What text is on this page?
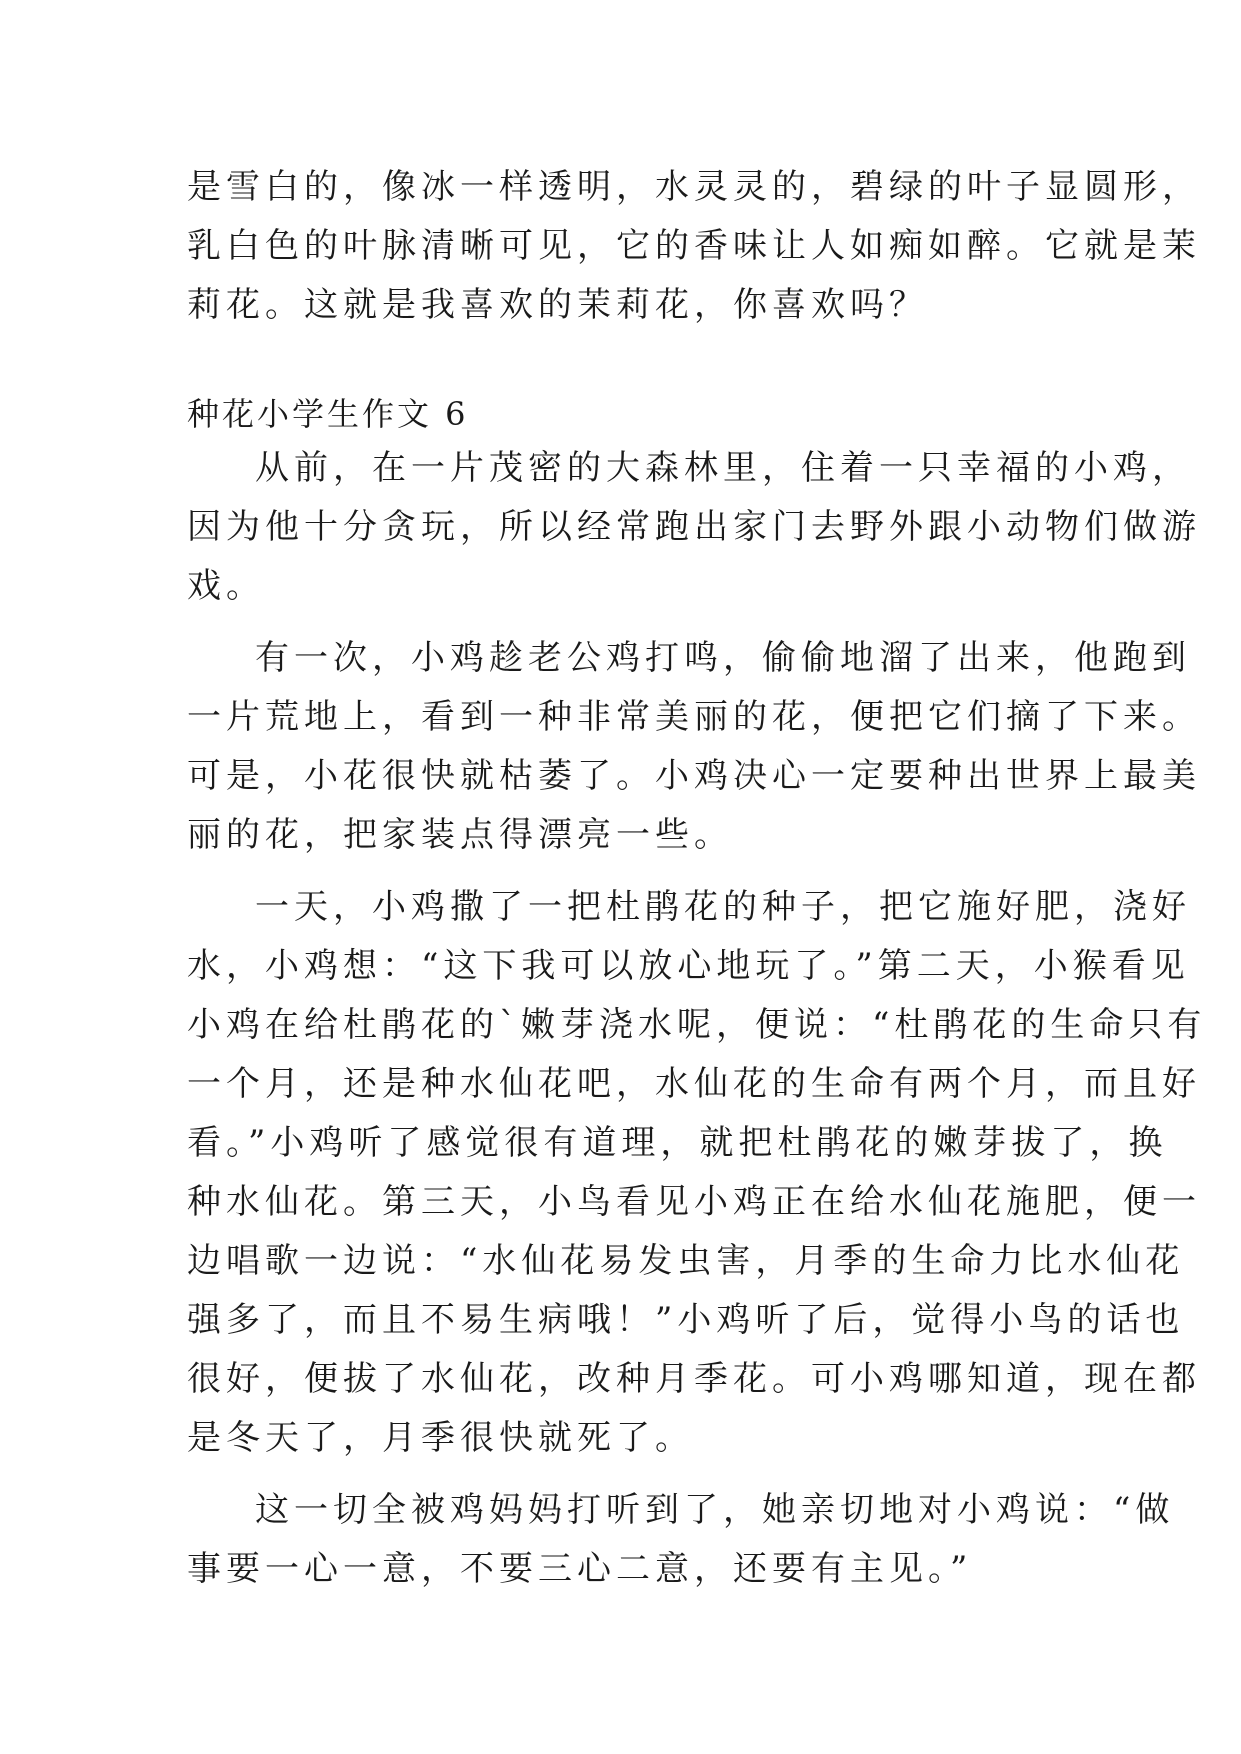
是雪白的，像冰一样透明，水灵灵的，碧绿的叶子显圆形，

乳白色的叶脉清晰可见，它的香味让人如痴如醉。它就是茉

莉花。这就是我喜欢的茉莉花，你喜欢吗？

种花小学生作文 6

从前，在一片茂密的大森林里，住着一只幸福的小鸡，

因为他十分贪玩，所以经常跑出家门去野外跟小动物们做游

戏。

有一次，小鸡趁老公鸡打鸣，偷偷地溜了出来，他跑到

一片荒地上，看到一种非常美丽的花，便把它们摘了下来。

可是，小花很快就枯萎了。小鸡决心一定要种出世界上最美

丽的花，把家装点得漂亮一些。

一天，小鸡撒了一把杜鹃花的种子，把它施好肥，浇好

水，小鸡想：“这下我可以放心地玩了。”第二天，小猴看见

小鸡在给杜鹃花的`嫩芽浇水呢，便说：“杜鹃花的生命只有

一个月，还是种水仙花吧，水仙花的生命有两个月，而且好

看。”小鸡听了感觉很有道理，就把杜鹃花的嫩芽拔了，换

种水仙花。第三天，小鸟看见小鸡正在给水仙花施肥，便一

边唱歌一边说：“水仙花易发虫害，月季的生命力比水仙花

强多了，而且不易生病哦！”小鸡听了后，觉得小鸟的话也

很好，便拔了水仙花，改种月季花。可小鸡哪知道，现在都

是冬天了，月季很快就死了。

这一切全被鸡妈妈打听到了，她亲切地对小鸡说：“做

事要一心一意，不要三心二意，还要有主见。”
